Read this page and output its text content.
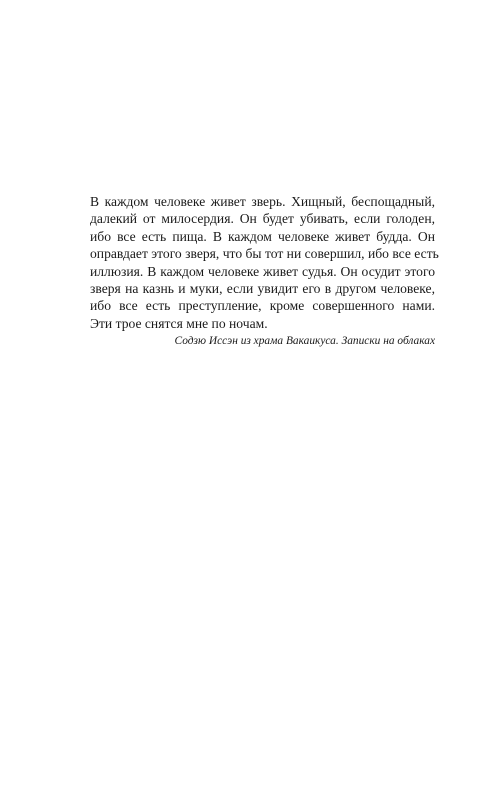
В каждом человеке живет зверь. Хищный, беспощадный,
далекий от милосердия. Он будет убивать, если голоден,
ибо все есть пища. В каждом человеке живет будда. Он
оправдает этого зверя, что бы тот ни совершил, ибо все есть
иллюзия. В каждом человеке живет судья. Он осудит этого
зверя на казнь и муки, если увидит его в другом человеке,
ибо все есть преступление, кроме совершенного нами.
Эти трое снятся мне по ночам.
Содзю Иссэн из храма Вакаикуса. Записки на облаках
